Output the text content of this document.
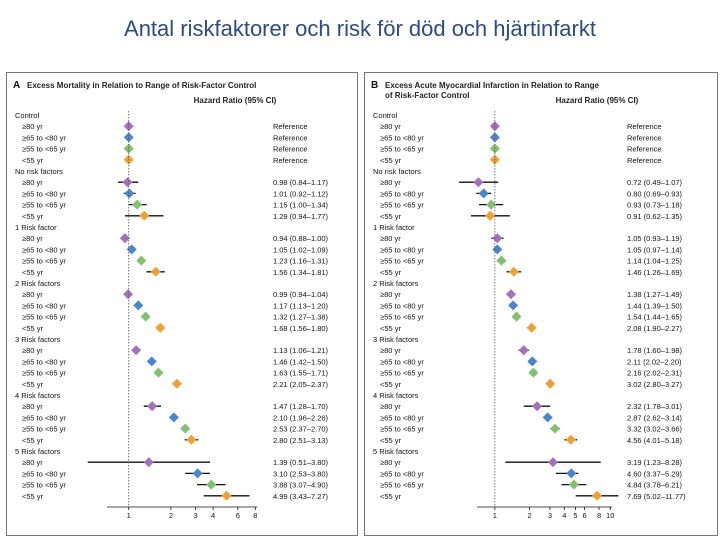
Antal riskfaktorer och risk för död och hjärtinfarkt
A Excess Mortality in Relation to Range of Risk-Factor Control
Hazard Ratio (95% CI)
Control
≥80 yr	Reference
≥65 to <80 yr	Reference
≥55 to <65 yr	Reference
<55 yr	Reference
No risk factors
≥80 yr	0.98 (0.84–1.17)
≥65 to <80 yr	1.01 (0.92–1.12)
≥55 to <65 yr	1.15 (1.00–1.34)
<55 yr	1.29 (0.94–1.77)
1 Risk factor
≥80 yr	0.94 (0.88–1.00)
≥65 to <80 yr	1.05 (1.02–1.09)
≥55 to <65 yr	1.23 (1.16–1.31)
<55 yr	1.56 (1.34–1.81)
2 Risk factors
≥80 yr	0.99 (0.94–1.04)
≥65 to <80 yr	1.17 (1.13–1.20)
≥55 to <65 yr	1.32 (1.27–1.38)
<55 yr	1.68 (1.56–1.80)
3 Risk factors
≥80 yr	1.13 (1.06–1.21)
≥65 to <80 yr	1.46 (1.42–1.50)
≥55 to <65 yr	1.63 (1.55–1.71)
<55 yr	2.21 (2.05–2.37)
4 Risk factors
≥80 yr	1.47 (1.28–1.70)
≥65 to <80 yr	2.10 (1.96–2.26)
≥55 to <65 yr	2.53 (2.37–2.70)
<55 yr	2.80 (2.51–3.13)
5 Risk factors
≥80 yr	1.39 (0.51–3.80)
≥65 to <80 yr	3.10 (2.53–3.80)
≥55 to <65 yr	3.88 (3.07–4.90)
<55 yr	4.99 (3.43–7.27)
1	2	3 4	6 8
B Excess Acute Myocardial Infarction in Relation to Range
of Risk-Factor Control
Hazard Ratio (95% CI)
Control
≥80 yr	Reference
≥65 to <80 yr	Reference
≥55 to <65 yr	Reference
<55 yr	Reference
No risk factors
≥80 yr	0.72 (0.49–1.07)
≥65 to <80 yr	0.80 (0.69–0.93)
≥55 to <65 yr	0.93 (0.73–1.18)
<55 yr	0.91 (0.62–1.35)
1 Risk factor
≥80 yr	1.05 (0.93–1.19)
≥65 to <80 yr	1.05 (0.97–1.14)
≥55 to <65 yr	1.14 (1.04–1.25)
<55 yr	1.46 (1.26–1.69)
2 Risk factors
≥80 yr	1.38 (1.27–1.49)
≥65 to <80 yr	1.44 (1.39–1.50)
≥55 to <65 yr	1.54 (1.44–1.65)
<55 yr	2.08 (1.90–2.27)
3 Risk factors
≥80 yr	1.78 (1.60–1.98)
≥65 to <80 yr	2.11 (2.02–2.20)
≥55 to <65 yr	2.16 (2.02–2.31)
<55 yr	3.02 (2.80–3.27)
4 Risk factors
≥80 yr	2.32 (1.78–3.01)
≥65 to <80 yr	2.87 (2.62–3.14)
≥55 to <65 yr	3.32 (3.02–3.66)
<55 yr	4.56 (4.01–5.18)
5 Risk factors
≥80 yr	3.19 (1.23–8.28)
≥65 to <80 yr	4.60 (3.37–5.29)
≥55 to <65 yr	4.84 (3.78–6.21)
<55 yr	7.69 (5.02–11.77)
1	2 3 4 5 6 8 10
